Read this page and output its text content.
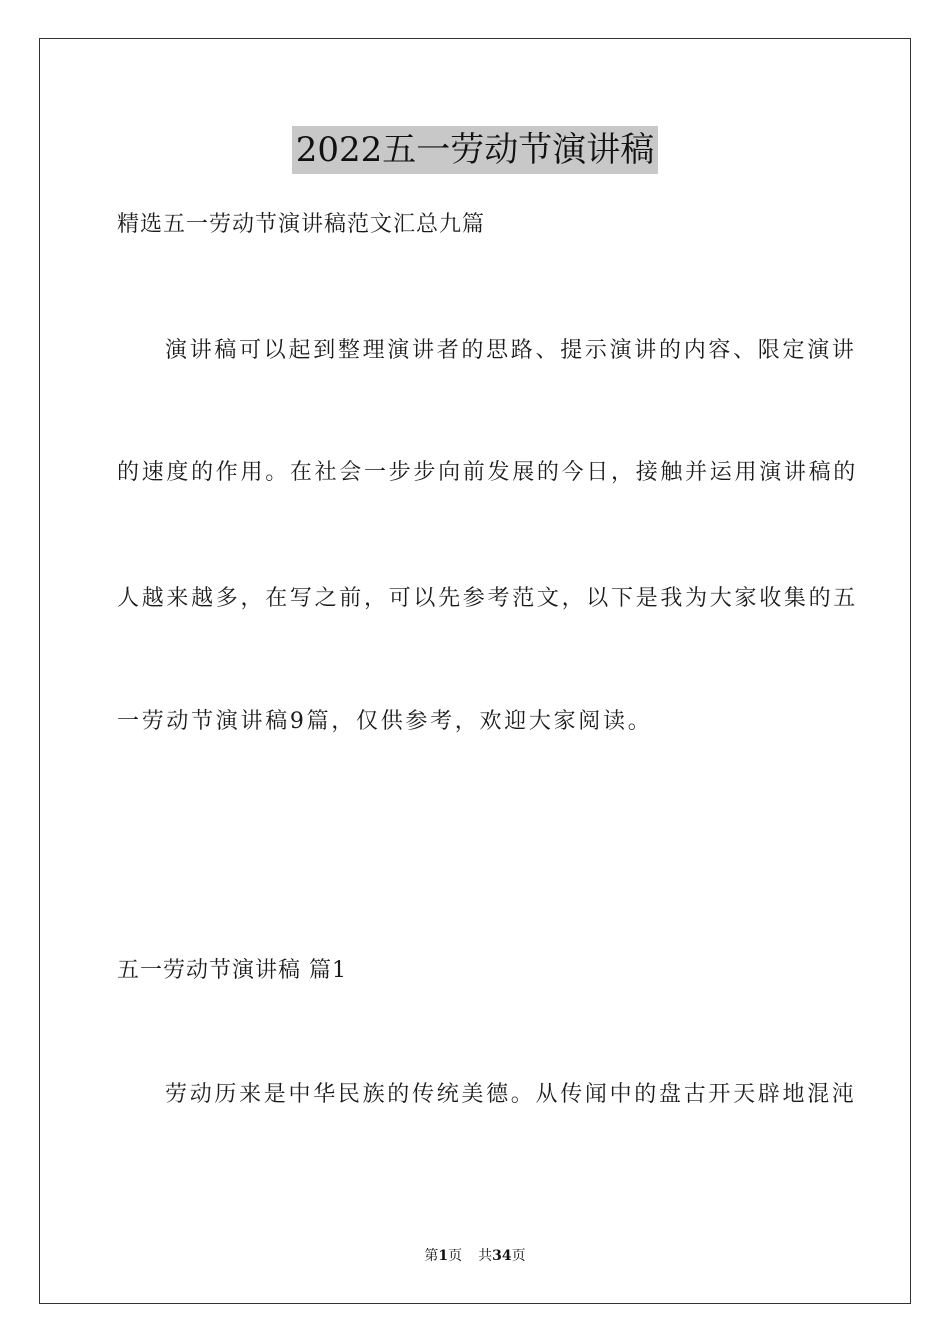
2022五一劳动节演讲稿
精选五一劳动节演讲稿范文汇总九篇
演讲稿可以起到整理演讲者的思路、提示演讲的内容、限定演讲
的速度的作用。在社会一步步向前发展的今日，接触并运用演讲稿的
人越来越多，在写之前，可以先参考范文，以下是我为大家收集的五
一劳动节演讲稿9篇，仅供参考，欢迎大家阅读。
五一劳动节演讲稿 篇1
劳动历来是中华民族的传统美德。从传闻中的盘古开天辟地混沌
第1页 共34页
